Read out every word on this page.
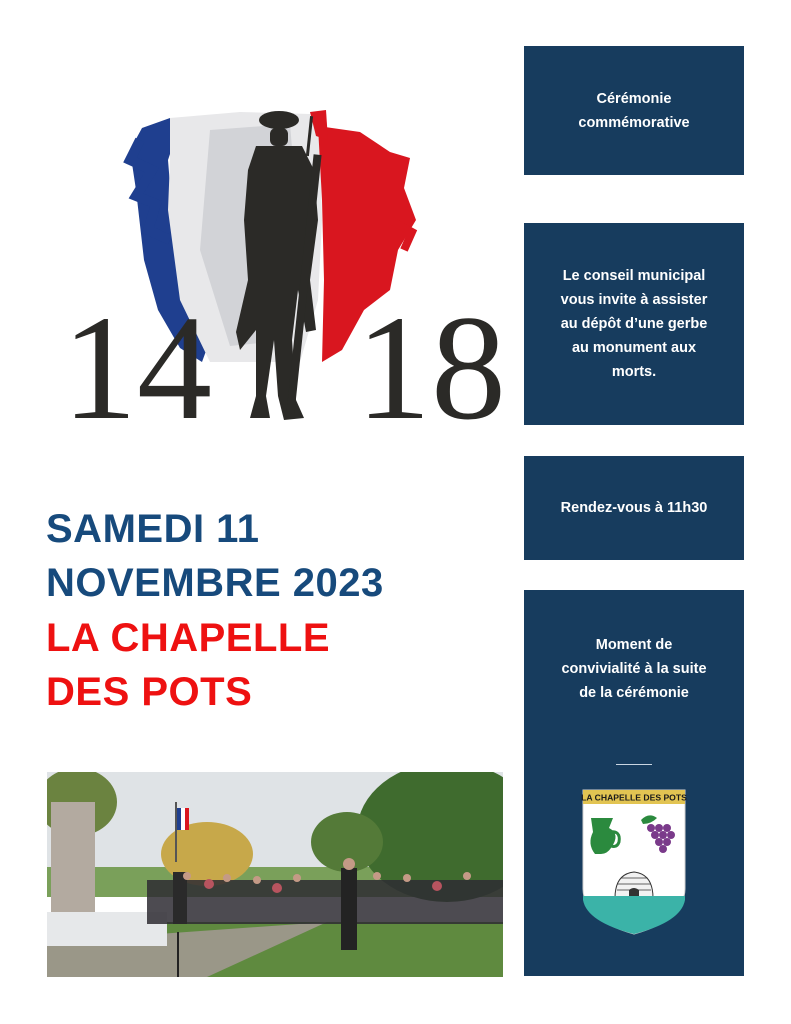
14 18
SAMEDI 11
NOVEMBRE 2023
LA CHAPELLE
DES POTS

Cérémonie
commémorative

Le conseil municipal
vous invite à assister
au dépôt d’une gerbe
au monument aux
morts.

Rendez-vous à 11h30

Moment de
convivialité à la suite
de la cérémonie

LA CHAPELLE DES POTS
